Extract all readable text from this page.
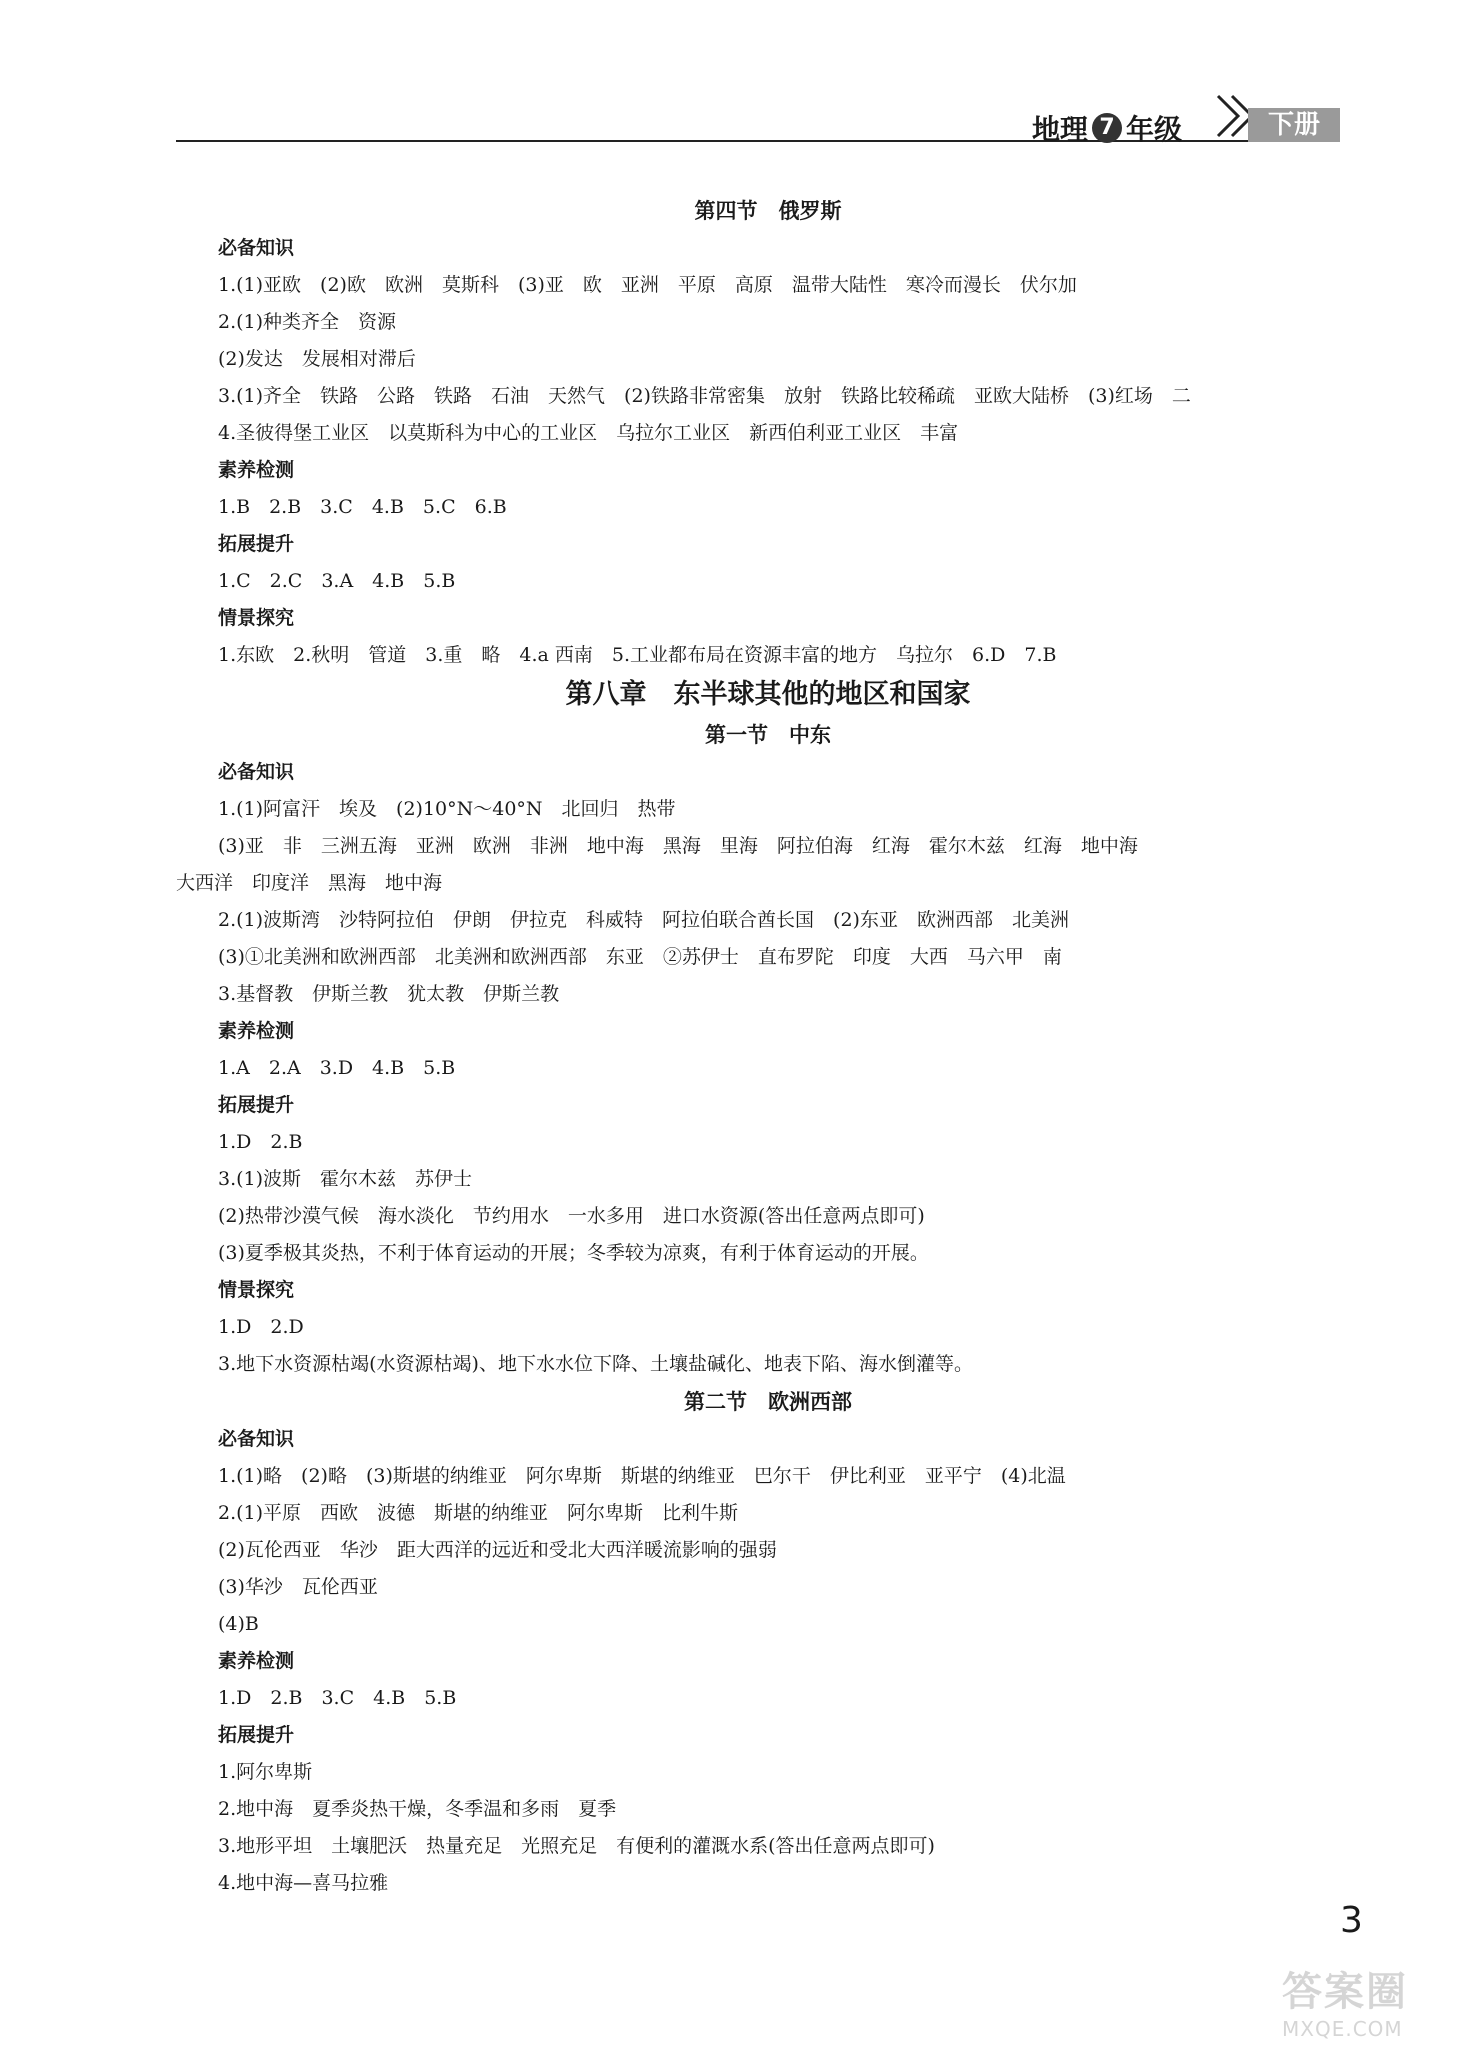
地理 7 年级	下册
第四节　俄罗斯
必备知识
1.(1)亚欧　(2)欧　欧洲　莫斯科　(3)亚　欧　亚洲　平原　高原　温带大陆性　寒冷而漫长　伏尔加
2.(1)种类齐全　资源
(2)发达　发展相对滞后
3.(1)齐全　铁路　公路　铁路　石油　天然气　(2)铁路非常密集　放射　铁路比较稀疏　亚欧大陆桥　(3)红场　二
4.圣彼得堡工业区　以莫斯科为中心的工业区　乌拉尔工业区　新西伯利亚工业区　丰富
素养检测
1.B　2.B　3.C　4.B　5.C　6.B
拓展提升
1.C　2.C　3.A　4.B　5.B
情景探究
1.东欧　2.秋明　管道　3.重　略　4.a 西南　5.工业都布局在资源丰富的地方　乌拉尔　6.D　7.B
第八章　东半球其他的地区和国家
第一节　中东
必备知识
1.(1)阿富汗　埃及　(2)10°N～40°N　北回归　热带
(3)亚　非　三洲五海　亚洲　欧洲　非洲　地中海　黑海　里海　阿拉伯海　红海　霍尔木兹　红海　地中海
大西洋　印度洋　黑海　地中海
2.(1)波斯湾　沙特阿拉伯　伊朗　伊拉克　科威特　阿拉伯联合酋长国　(2)东亚　欧洲西部　北美洲
(3)①北美洲和欧洲西部　北美洲和欧洲西部　东亚　②苏伊士　直布罗陀　印度　大西　马六甲　南
3.基督教　伊斯兰教　犹太教　伊斯兰教
素养检测
1.A　2.A　3.D　4.B　5.B
拓展提升
1.D　2.B
3.(1)波斯　霍尔木兹　苏伊士
(2)热带沙漠气候　海水淡化　节约用水　一水多用　进口水资源(答出任意两点即可)
(3)夏季极其炎热，不利于体育运动的开展；冬季较为凉爽，有利于体育运动的开展。
情景探究
1.D　2.D
3.地下水资源枯竭(水资源枯竭)、地下水水位下降、土壤盐碱化、地表下陷、海水倒灌等。
第二节　欧洲西部
必备知识
1.(1)略　(2)略　(3)斯堪的纳维亚　阿尔卑斯　斯堪的纳维亚　巴尔干　伊比利亚　亚平宁　(4)北温
2.(1)平原　西欧　波德　斯堪的纳维亚　阿尔卑斯　比利牛斯
(2)瓦伦西亚　华沙　距大西洋的远近和受北大西洋暖流影响的强弱
(3)华沙　瓦伦西亚
(4)B
素养检测
1.D　2.B　3.C　4.B　5.B
拓展提升
1.阿尔卑斯
2.地中海　夏季炎热干燥，冬季温和多雨　夏季
3.地形平坦　土壤肥沃　热量充足　光照充足　有便利的灌溉水系(答出任意两点即可)
4.地中海—喜马拉雅
3
答案圈
MXQE.COM
